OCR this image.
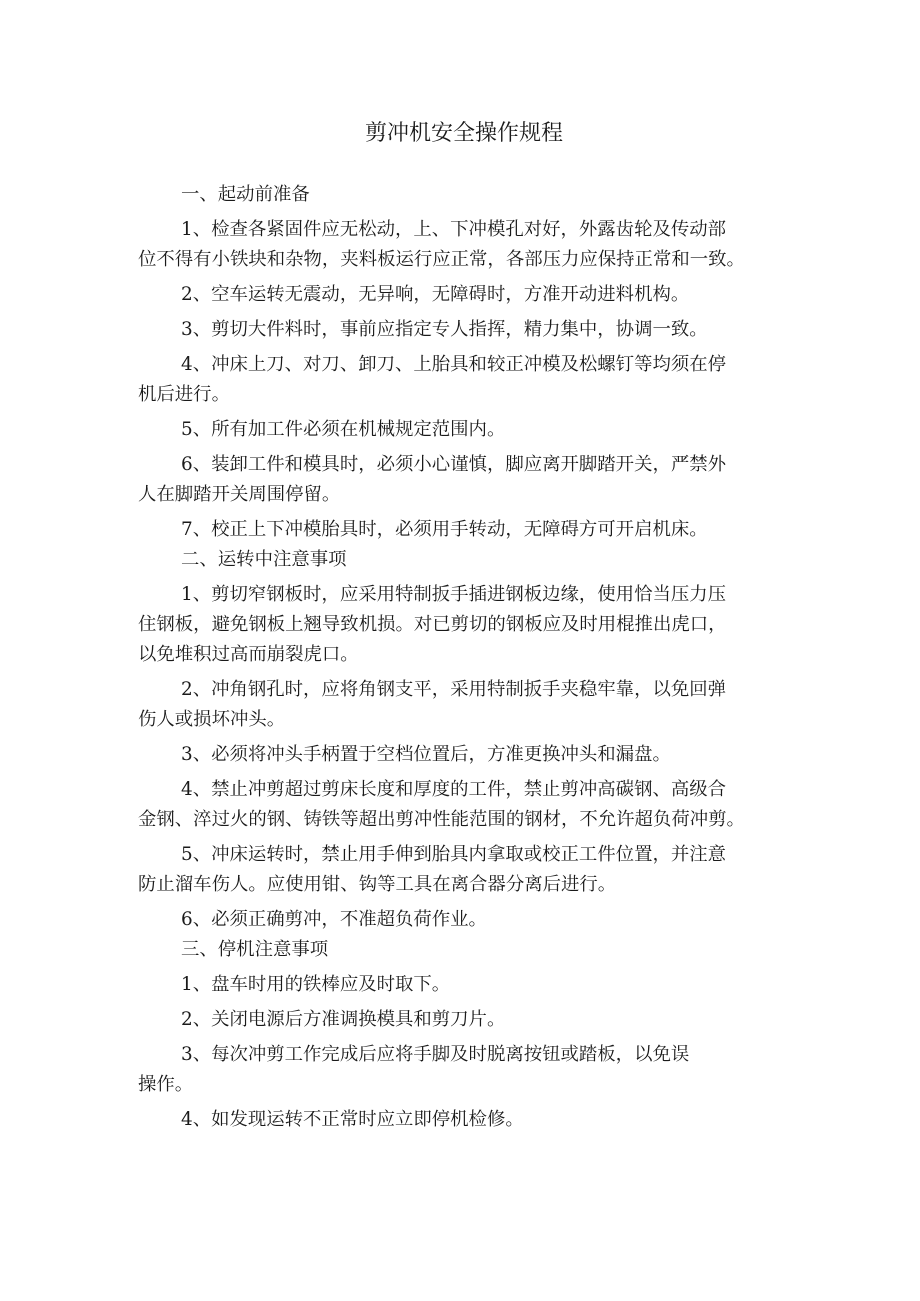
剪冲机安全操作规程

一、起动前准备

1、检查各紧固件应无松动，上、下冲模孔对好，外露齿轮及传动部

位不得有小铁块和杂物，夹料板运行应正常，各部压力应保持正常和一致。

2、空车运转无震动，无异响，无障碍时，方准开动进料机构。

3、剪切大件料时，事前应指定专人指挥，精力集中，协调一致。

4、冲床上刀、对刀、卸刀、上胎具和较正冲模及松螺钉等均须在停

机后进行。

5、所有加工件必须在机械规定范围内。

6、装卸工件和模具时，必须小心谨慎，脚应离开脚踏开关，严禁外

人在脚踏开关周围停留。

7、校正上下冲模胎具时，必须用手转动，无障碍方可开启机床。

二、运转中注意事项

1、剪切窄钢板时，应采用特制扳手插进钢板边缘，使用恰当压力压

住钢板，避免钢板上翘导致机损。对已剪切的钢板应及时用棍推出虎口，

以免堆积过高而崩裂虎口。

2、冲角钢孔时，应将角钢支平，采用特制扳手夹稳牢靠，以免回弹

伤人或损坏冲头。

3、必须将冲头手柄置于空档位置后，方准更换冲头和漏盘。

4、禁止冲剪超过剪床长度和厚度的工件，禁止剪冲高碳钢、高级合

金钢、淬过火的钢、铸铁等超出剪冲性能范围的钢材，不允许超负荷冲剪。

5、冲床运转时，禁止用手伸到胎具内拿取或校正工件位置，并注意

防止溜车伤人。应使用钳、钩等工具在离合器分离后进行。

6、必须正确剪冲，不准超负荷作业。

三、停机注意事项

1、盘车时用的铁棒应及时取下。

2、关闭电源后方准调换模具和剪刀片。

3、每次冲剪工作完成后应将手脚及时脱离按钮或踏板，以免误

操作。

4、如发现运转不正常时应立即停机检修。
